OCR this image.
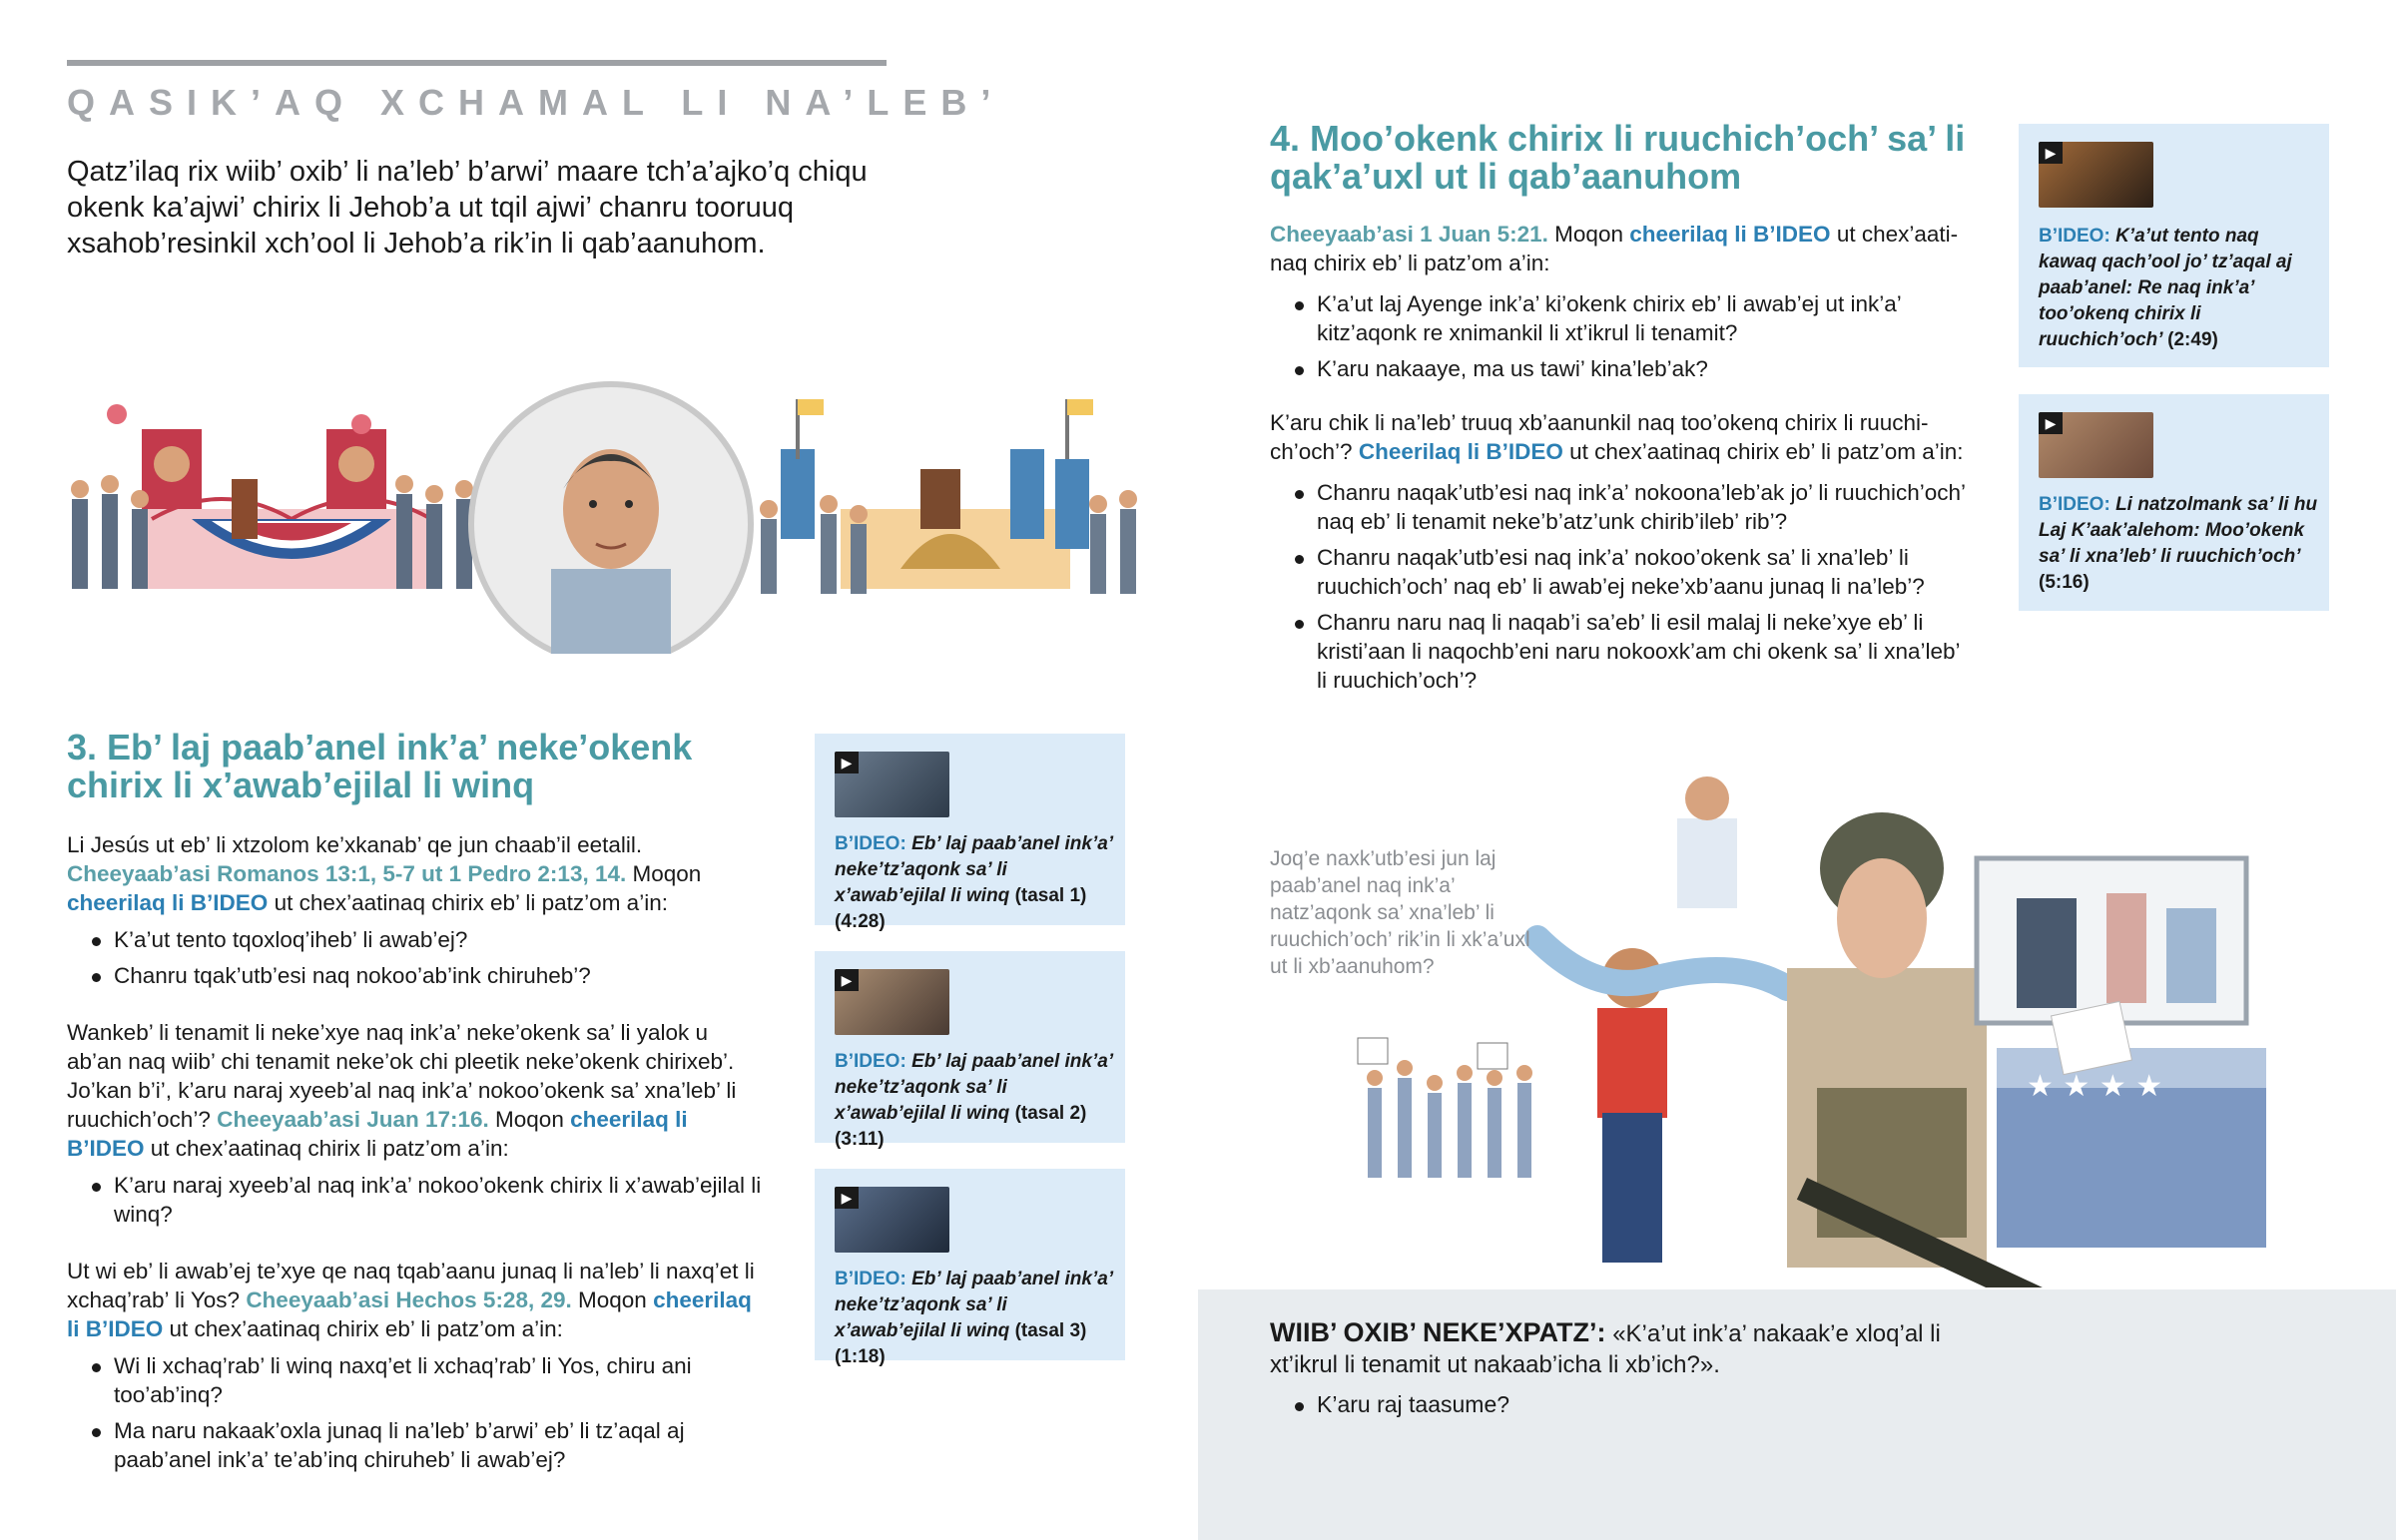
QASIK’AQ XCHAMAL LI NA’LEB’
Qatz’ilaq rix wiib’ oxib’ li na’leb’ b’arwi’ maare tch’a’ajko’q chiqu okenk ka’ajwi’ chirix li Jehob’a ut tqil ajwi’ chanru tooruuq xsahob’resinkil xch’ool li Jehob’a rik’in li qab’aanuhom.
3. Eb’ laj paab’anel ink’a’ neke’okenk chirix li x’awab’ejilal li winq

Li Jesús ut eb’ li xtzolom ke’xkanab’ qe jun chaab’il eetalil. Cheeyaab’asi Romanos 13:1, 5-7 ut 1 Pedro 2:13, 14. Moqon cheerilaq li B’IDEO ut chex’aatinaq chirix eb’ li patz’om a’in:

K’a’ut tento tqoxloq’iheb’ li awab’ej?
Chanru tqak’utb’esi naq nokoo’ab’ink chiruheb’?

Wankeb’ li tenamit li neke’xye naq ink’a’ neke’okenk sa’ li yalok u ab’an naq wiib’ chi tenamit neke’ok chi pleetik neke’okenk chirixeb’. Jo’kan b’i’, k’aru naraj xyeeb’al naq ink’a’ nokoo’okenk sa’ xna’leb’ li ruuchich’och’? Cheeyaab’asi Juan 17:16. Moqon cheerilaq li B’IDEO ut chex’aatinaq chirix li patz’om a’in:

K’aru naraj xyeeb’al naq ink’a’ nokoo’okenk chirix li x’awab’ejilal li winq?

Ut wi eb’ li awab’ej te’xye qe naq tqab’aanu junaq li na’leb’ li naxq’et li xchaq’rab’ li Yos? Cheeyaab’asi Hechos 5:28, 29. Moqon cheerilaq li B’IDEO ut chex’aatinaq chirix eb’ li patz’om a’in:

Wi li xchaq’rab’ li winq naxq’et li xchaq’rab’ li Yos, chiru ani too’ab’inq?
Ma naru nakaak’oxla junaq li na’leb’ b’arwi’ eb’ li tz’aqal aj paab’anel ink’a’ te’ab’inq chiruheb’ li awab’ej?
▶
B’IDEO: Eb’ laj paab’anel ink’a’ neke’tz’aqonk sa’ li x’awab’ejilal li winq (tasal 1) (4:28)
▶
B’IDEO: Eb’ laj paab’anel ink’a’ neke’tz’aqonk sa’ li x’awab’ejilal li winq (tasal 2) (3:11)
▶
B’IDEO: Eb’ laj paab’anel ink’a’ neke’tz’aqonk sa’ li x’awab’ejilal li winq (tasal 3) (1:18)
4. Moo’okenk chirix li ruuchich’och’ sa’ li qak’a’uxl ut li qab’aanuhom

Cheeyaab’asi 1 Juan 5:21. Moqon cheerilaq li B’IDEO ut chex’aatinaq chirix eb’ li patz’om a’in:

K’a’ut laj Ayenge ink’a’ ki’okenk chirix eb’ li awab’ej ut ink’a’ kitz’aqonk re xnimankil li xt’ikrul li tenamit?
K’aru nakaaye, ma us tawi’ kina’leb’ak?

K’aru chik li na’leb’ truuq xb’aanunkil naq too’okenq chirix li ruuchich’och’? Cheerilaq li B’IDEO ut chex’aatinaq chirix eb’ li patz’om a’in:

Chanru naqak’utb’esi naq ink’a’ nokoona’leb’ak jo’ li ruuchich’och’ naq eb’ li tenamit neke’b’atz’unk chirib’ileb’ rib’?
Chanru naqak’utb’esi naq ink’a’ nokoo’okenk sa’ li xna’leb’ li ruuchich’och’ naq eb’ li awab’ej neke’xb’aanu junaq li na’leb’?
Chanru naru naq li naqab’i sa’eb’ li esil malaj li neke’xye eb’ li kristi’aan li naqochb’eni naru nokooxk’am chi okenk sa’ li xna’leb’ li ruuchich’och’?
▶
B’IDEO: K’a’ut tento naq kawaq qach’ool jo’ tz’aqal aj paab’anel: Re naq ink’a’ too’okenq chirix li ruuchich’och’ (2:49)
▶
B’IDEO: Li natzolmank sa’ li hu Laj K’aak’alehom: Moo’okenk sa’ li xna’leb’ li ruuchich’och’ (5:16)
★ ★ ★ ★
Joq’e naxk’utb’esi jun laj paab’anel naq ink’a’ natz’aqonk sa’ xna’leb’ li ruuchich’och’ rik’in li xk’a’uxl ut li xb’aanuhom?
WIIB’ OXIB’ NEKE’XPATZ’: «K’a’ut ink’a’ nakaak’e xloq’al li xt’ikrul li tenamit ut nakaab’icha li xb’ich?».
K’aru raj taasume?
